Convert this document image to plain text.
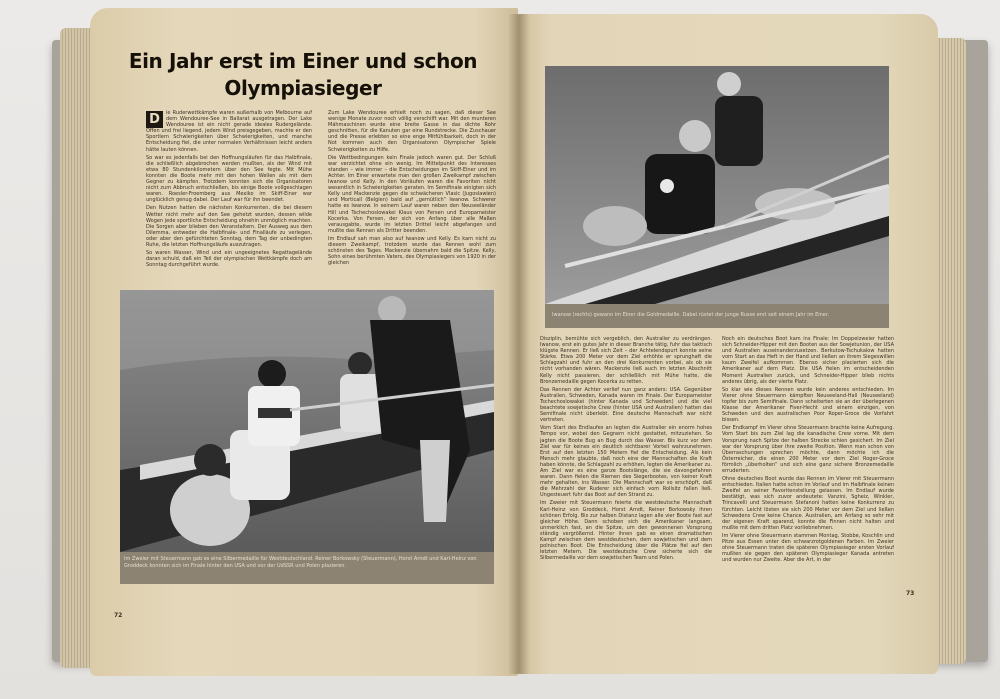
Ein Jahr erst im Einer und schon
Olympiasieger

D	ie Ruderwettkämpfe waren außerhalb von Melbourne auf dem Wendouree-See in Ballarat ausgetragen. Der Lake Wendouree ist ein nicht gerade ideales Rudergelände. Offen und frei liegend, jedem Wind preisgegeben, machte er den Sportlern Schwierigkeiten über Schwierigkeiten, und manche Entscheidung fiel, die unter normalen Verhältnissen leicht anders hätte lauten können.

So war es jedenfalls bei den Hoffnungsläufen für das Halbfinale, die schließlich abgebrochen werden mußten, als der Wind mit etwa 80 Stundenkilometern über den See fegte. Mit Mühe konnten die Boote mehr mit den hohen Wellen als mit dem Gegner zu kämpfen. Trotzdem konnten sich die Organisatoren nicht zum Abbruch entschließen, bis einige Boote vollgeschlagen waren. Roesler-Froemberg aus Mexiko im Skiff-Einer war unglücklich genug dabei. Der Lauf war für ihn beendet.

Den Nutzen hatten die nächsten Konkurrenten, die bei diesem Wetter nicht mehr auf den See gehetzt wurden, dessen wilde Wogen jede sportliche Entscheidung ohnehin unmöglich machten. Die Sorgen aber blieben den Veranstaltern. Der Ausweg aus dem Dilemma, entweder die Halbfinale- und Finalläufe zu verlegen, oder aber den gefürchteten Sonntag, dem Tag der unbedingten Ruhe, die letzten Hoffnungsläufe auszutragen.

So waren Wasser, Wind und ein ungeeignetes Regattagelände daran schuld, daß ein Teil der olympischen Wettkämpfe doch am Sonntag durchgeführt wurde.

Zum Lake Wendouree erhielt noch zu sagen, daß dieser See wenige Monate zuvor noch völlig verschilft war. Mit den munteren Mähmaschinen wurde eine breite Gasse in das dichte Rohr geschnitten, für die Kanuten gar eine Rundstrecke. Die Zuschauer und die Presse erlebten so eine enge Mitfühlbarkeit, doch in der Not kommen auch den Organisatoren Olympischer Spiele Schwierigkeiten zu Hilfe.

Die Wettbedingungen kein Finale jedoch waren gut. Der Schluß war verzichtet ohne ein wenig. Im Mittelpunkt des Interesses standen – wie immer – die Entscheidungen im Skiff-Einer und im Achter. Im Einer erwartete man den großen Zweikampf zwischen Iwanow und Kelly. In den Vorläufen waren die Favoriten nicht wesentlich in Schwierigkeiten geraten. Im Semifinale einigten sich Kelly und Mackenzie gegen die schwächeren Vlasic (Jugoslawien) und Morticall (Belgien) bald auf „gemütlich“ Iwanow. Schwerer hatte es Iwanow. In seinem Lauf waren neben den Neuseeländer Hill und Tschechoslowakei Klaus von Fersen und Europameister Kocerka. Von Fersen, der sich von Anfang über alle Maßen verausgabte, wurde im letzten Drittel leicht abgefangen und mußte das Rennen als Dritter beenden.

Im Endlauf sah man also auf Iwanow und Kelly. Es kam nicht zu diesem Zweikampf, trotzdem wurde das Rennen wohl zum schönsten des Tages. Mackenzie übernahm bald die Spitze. Kelly, Sohn eines berühmten Vaters, des Olympiasiegers von 1920 in der gleichen

Im Zweier mit Steuermann gab es eine Silbermedaille für Westdeutschland. Reiner Borkowsky (Steuermann), Horst Arndt und Karl-Heinz von Groddeck konnten sich im Finale hinter den USA und vor der UdSSR und Polen plazieren.
72
Iwanow (rechts) gewann im Einer die Goldmedaille. Dabei rüstet der junge Russe erst seit einem Jahr im Einer.

Disziplin, bemühte sich vergeblich, den Australier zu verdrängen. Iwanow, erst ein gutes Jahr in dieser Branche tätig, fuhr das taktisch klügste Rennen. Er ließ sich Zeit – der Achtelendspurt konnte seine Stärke. Etwa 200 Meter vor dem Ziel erhöhte er sprunghaft die Schlagzahl und fuhr an den drei Konkurrenten vorbei, als ob sie nicht vorhanden wären. Mackenzie ließ auch im letzten Abschnitt Kelly nicht passieren, der schließlich mit Mühe hatte, die Bronzemedaille gegen Kocerka zu retten.

Das Rennen der Achter verlief nun ganz anders: USA. Gegenüber Australien, Schweden, Kanada waren im Finale. Der Europameister Tschechoslowakei (hinter Kanada und Schweden) und die viel beachtete sowjetische Crew (hinter USA und Australien) hatten das Semifinale nicht überlebt. Eine deutsche Mannschaft war nicht vertreten.

Vom Start des Endlaufes an legten die Australier ein enorm hohes Tempo vor, wobei den Gegnern nicht gestattet, mitzuziehen. So jagten die Boote Bug an Bug durch das Wasser. Bis kurz vor dem Ziel war für keines ein deutlich sichtbarer Vorteil wahrzunehmen. Erst auf den letzten 150 Metern fiel die Entscheidung. Als kein Mensch mehr glaubte, daß noch eine der Mannschaften die Kraft haben könnte, die Schlagzahl zu erhöhen, legten die Amerikaner zu. Am Ziel war es eine ganze Bootslänge, die sie davongefahren waren. Dann fielen die Riemen des Siegerbootes, von keiner Kraft mehr gehalten, ins Wasser. Die Mannschaft war so erschöpft, daß die Mehrzahl der Ruderer sich einfach vom Rollsitz fallen ließ. Ungesteuert fuhr das Boot auf den Strand zu.

Im Zweier mit Steuermann feierte die westdeutsche Mannschaft Karl-Heinz von Groddeck, Horst Arndt, Reiner Borkowsky ihren schönen Erfolg. Bis zur halben Distanz lagen alle vier Boote fast auf gleicher Höhe. Dann schoben sich die Amerikaner langsam, unmerklich fast, an die Spitze, um den gewonnenen Vorsprung ständig vergrößernd. Hinter ihnen gab es einen dramatischen Kampf zwischen dem westdeutschen, dem sowjetischen und dem polnischen Boot. Die Entscheidung über die Plätze fiel auf den letzten Metern. Die westdeutsche Crew sicherte sich die Silbermedaille vor dem sowjetischen Team und Polen.

Noch ein deutsches Boot kam ins Finale: Im Doppelzweier hatten sich Schneider-Hipper mit den Booten aus der Sowjetunion, der USA und Australien auseinanderzusetzen. Berkutow-Tschukalow hatten vom Start an das Heft in der Hand und ließen an ihrem Siegeswillen kaum Zweifel aufkommen. Ebenso sicher placierten sich die Amerikaner auf dem Platz. Die USA fielen im entscheidenden Moment Australien zurück, und Schneider-Hipper blieb nichts anderes übrig, als der vierte Platz.

So klar wie dieses Rennen wurde kein anderes entschieden. Im Vierer ohne Steuermann kämpften Neuseeland-Hall (Neuseeland) topfer bis zum Semifinale. Dann scheiterten sie an der überlegenen Klasse der Amerikaner Fiver-Hecht und einem einzigen, von Schweden und den australischen Poor Roper-Groce die Vorfahrt bissen.

Der Endkampf im Vierer ohne Steuermann brachte keine Aufregung. Vom Start bis zum Ziel lag die kanadische Crew vorne. Mit dem Vorsprung nach Spitze der halben Strecke schien gesichert. Im Ziel war der Vorsprung über ihre zweite Position. Wenn man schon von Überraschungen sprechen möchte, dann möchte ich die Österreicher, die einen 200 Meter vor dem Ziel Roger-Groce förmlich „überholten“ und sich eine ganz sichere Bronzemedaille erruderten.

Ohne deutsches Boot wurde das Rennen im Vierer mit Steuermann entschieden. Italien hatte schon im Vorlauf und im Halbfinale keinen Zweifel an seiner Favoritenstellung gelassen. Im Endlauf wurde bestätigt, was sich zuvor andeutete: Vanzini, Sgheiz, Winkler, Trincavelli und Steuermann Stefanoni hatten keine Konkurrenz zu fürchten. Leicht lösten sie sich 200 Meter vor dem Ziel und ließen Schwedens Crew keine Chance. Australien, am Anfang so sehr mit der eigenen Kraft sparend, konnte die Finnen nicht halten und mußte mit dem dritten Platz vorliebnehmen.

Im Vierer ohne Steuermann stammen Montag, Stobbe, Koschlin und Pitze aus Essen unter den schwarzrotgoldenen Farben. Im Zweier ohne Steuermann traten die späteren Olympiasieger ersten Vorlauf mußten sie gegen den späteren Olympiasieger Kanada antreten und wurden nur Zweite. Aber die Art, in der

73
